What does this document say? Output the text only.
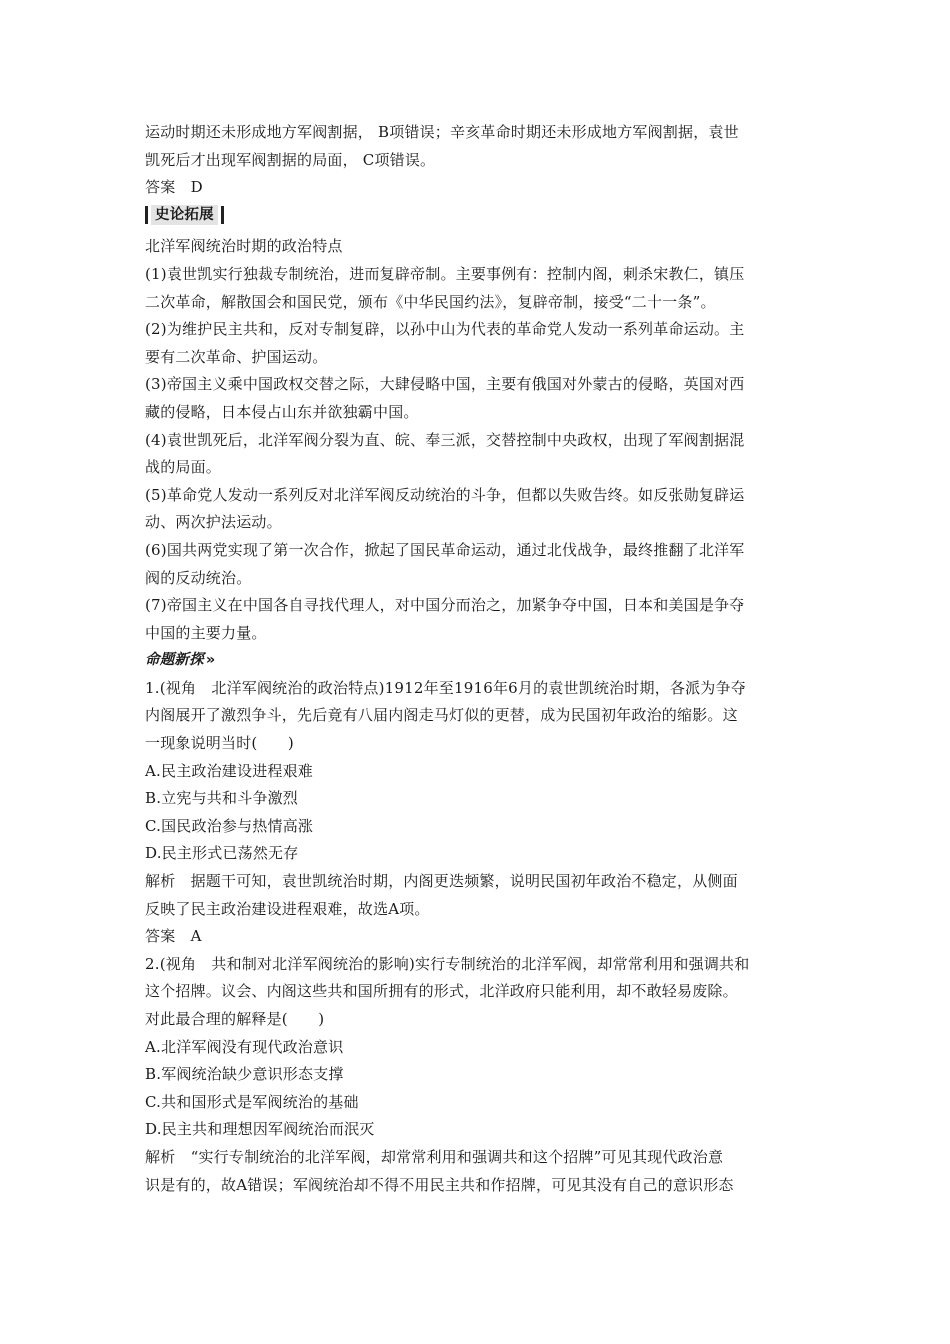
运动时期还未形成地方军阀割据， B项错误；辛亥革命时期还未形成地方军阀割据，袁世
凯死后才出现军阀割据的局面， C项错误。
答案　D
史论拓展
北洋军阀统治时期的政治特点
(1)袁世凯实行独裁专制统治，进而复辟帝制。主要事例有：控制内阁，刺杀宋教仁，镇压
二次革命，解散国会和国民党，颁布《中华民国约法》，复辟帝制，接受“二十一条”。
(2)为维护民主共和，反对专制复辟，以孙中山为代表的革命党人发动一系列革命运动。主
要有二次革命、护国运动。
(3)帝国主义乘中国政权交替之际，大肆侵略中国，主要有俄国对外蒙古的侵略，英国对西
藏的侵略，日本侵占山东并欲独霸中国。
(4)袁世凯死后，北洋军阀分裂为直、皖、奉三派，交替控制中央政权，出现了军阀割据混
战的局面。
(5)革命党人发动一系列反对北洋军阀反动统治的斗争，但都以失败告终。如反张勋复辟运
动、两次护法运动。
(6)国共两党实现了第一次合作，掀起了国民革命运动，通过北伐战争，最终推翻了北洋军
阀的反动统治。
(7)帝国主义在中国各自寻找代理人，对中国分而治之，加紧争夺中国，日本和美国是争夺
中国的主要力量。
命题新探 »
1.(视角　北洋军阀统治的政治特点)1912年至1916年6月的袁世凯统治时期，各派为争夺
内阁展开了激烈争斗，先后竟有八届内阁走马灯似的更替，成为民国初年政治的缩影。这
一现象说明当时(　　)
A.民主政治建设进程艰难
B.立宪与共和斗争激烈
C.国民政治参与热情高涨
D.民主形式已荡然无存
解析　据题干可知，袁世凯统治时期，内阁更迭频繁，说明民国初年政治不稳定，从侧面
反映了民主政治建设进程艰难，故选A项。
答案　A
2.(视角　共和制对北洋军阀统治的影响)实行专制统治的北洋军阀，却常常利用和强调共和
这个招牌。议会、内阁这些共和国所拥有的形式，北洋政府只能利用，却不敢轻易废除。
对此最合理的解释是(　　)
A.北洋军阀没有现代政治意识
B.军阀统治缺少意识形态支撑
C.共和国形式是军阀统治的基础
D.民主共和理想因军阀统治而泯灭
解析　“实行专制统治的北洋军阀，却常常利用和强调共和这个招牌”可见其现代政治意
识是有的，故A错误；军阀统治却不得不用民主共和作招牌，可见其没有自己的意识形态
